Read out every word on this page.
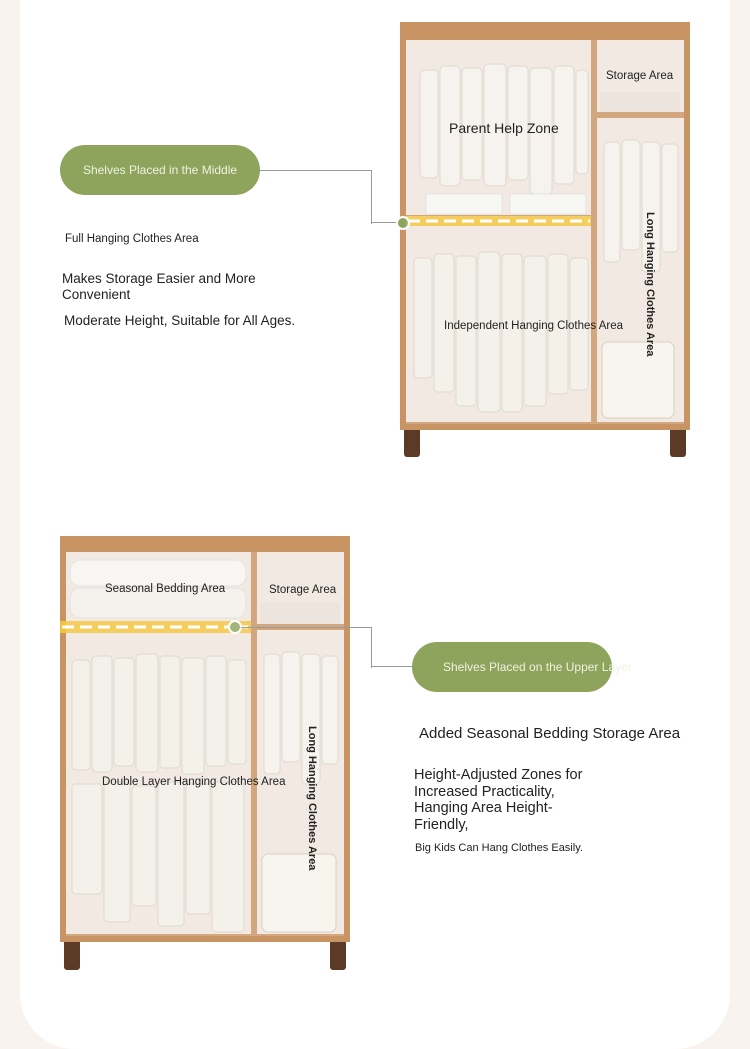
Shelves Placed in the Middle
Full Hanging Clothes Area
Makes Storage Easier and More Convenient
Moderate Height, Suitable for All Ages.
Storage Area
Parent Help Zone
Independent Hanging Clothes Area Long Hanging Clothes Area
Seasonal Bedding Area	Storage Area
Double Layer Hanging Clothes Area Long Hanging Clothes Area
Shelves Placed on the Upper Layer
Added Seasonal Bedding Storage Area
Height-Adjusted Zones for Increased Practicality, Hanging Area Height-Friendly,
Big Kids Can Hang Clothes Easily.
